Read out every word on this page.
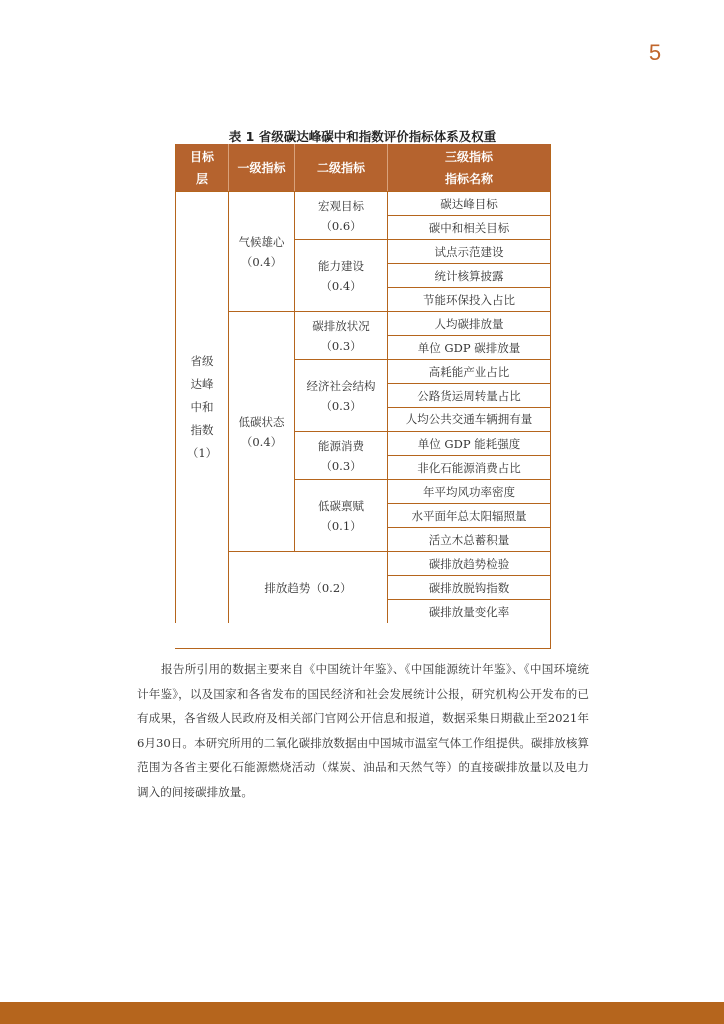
5
表 1 省级碳达峰碳中和指数评价指标体系及权重
目标
层
一级指标	二级指标
三级指标
指标名称
省级
达峰
中和
指数
（1）
气候雄心
（0.4）
低碳状态
（0.4）
排放趋势（0.2）
宏观目标
（0.6）
能力建设
（0.4）
碳排放状况
（0.3）
经济社会结构
（0.3）
能源消费
（0.3）
低碳禀赋
（0.1）
碳达峰目标
碳中和相关目标
试点示范建设
统计核算披露
节能环保投入占比
人均碳排放量
单位 GDP 碳排放量
高耗能产业占比
公路货运周转量占比
人均公共交通车辆拥有量
单位 GDP 能耗强度
非化石能源消费占比
年平均风功率密度
水平面年总太阳辐照量
活立木总蓄积量
碳排放趋势检验
碳排放脱钩指数
碳排放量变化率
报告所引用的数据主要来自《中国统计年鉴》、《中国能源统计年鉴》、《中国环境统计年鉴》，以及国家和各省发布的国民经济和社会发展统计公报，研究机构公开发布的已有成果，各省级人民政府及相关部门官网公开信息和报道，数据采集日期截止至2021年6月30日。本研究所用的二氧化碳排放数据由中国城市温室气体工作组提供。碳排放核算范围为各省主要化石能源燃烧活动（煤炭、油品和天然气等）的直接碳排放量以及电力调入的间接碳排放量。
